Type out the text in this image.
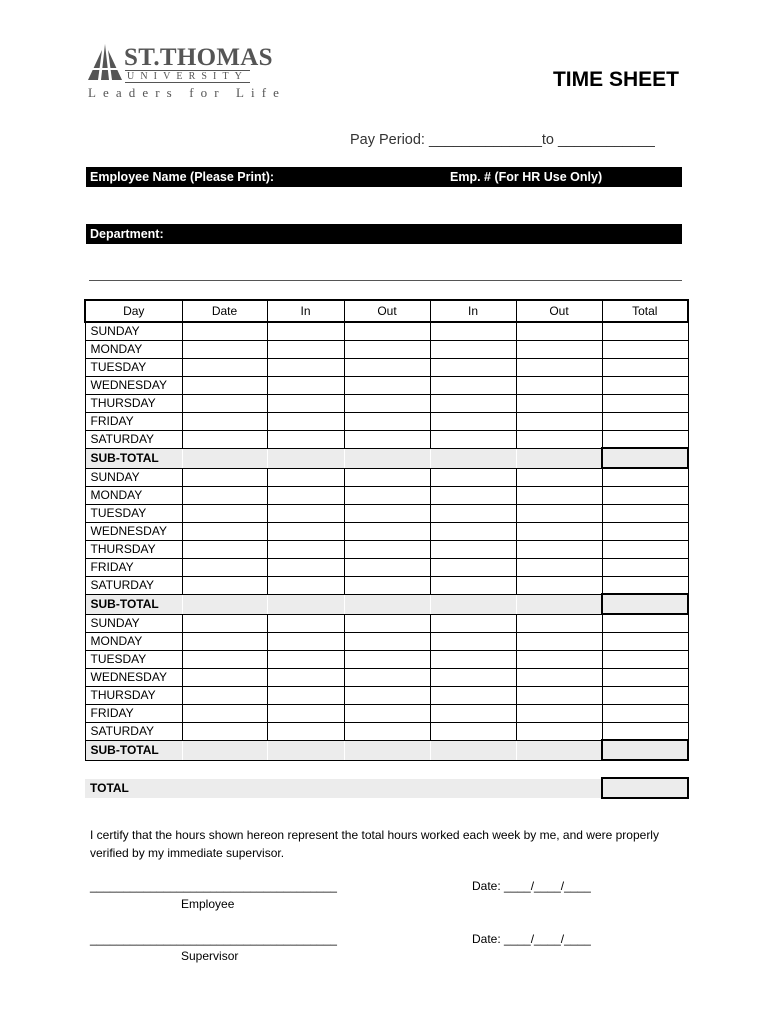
ST.THOMAS
UNIVERSITY
Leaders for Life
TIME SHEET
Pay Period: ______________to ____________
Employee Name (Please Print):	Emp. # (For HR Use Only)
Department:
Day	Date	In	Out	In	Out	Total
SUNDAY						
MONDAY						
TUESDAY						
WEDNESDAY						
THURSDAY						
FRIDAY						
SATURDAY						
SUB-TOTAL						
SUNDAY						
MONDAY						
TUESDAY						
WEDNESDAY						
THURSDAY						
FRIDAY						
SATURDAY						
SUB-TOTAL						
SUNDAY						
MONDAY						
TUESDAY						
WEDNESDAY						
THURSDAY						
FRIDAY						
SATURDAY						
SUB-TOTAL						

TOTAL						
I certify that the hours shown hereon represent the total hours worked each week by me, and were properly verified by my immediate supervisor.
_____________________________________	Date: ____/____/____
Employee
_____________________________________	Date: ____/____/____
Supervisor
